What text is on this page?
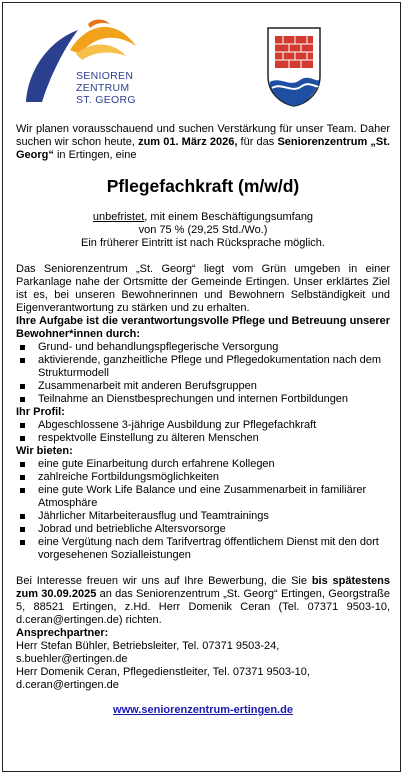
SENIOREN
ZENTRUM
ST. GEORG

Wir planen vorausschauend und suchen Verstärkung für unser Team. Daher suchen wir schon heute, zum 01. März 2026, für das Seniorenzentrum „St. Georg“ in Ertingen, eine

Pflegefachkraft (m/w/d)

unbefristet, mit einem Beschäftigungsumfang

von 75 % (29,25 Std./Wo.)

Ein früherer Eintritt ist nach Rücksprache möglich.

Das Seniorenzentrum „St. Georg“ liegt vom Grün umgeben in einer Parkanlage nahe der Ortsmitte der Gemeinde Ertingen. Unser erklärtes Ziel ist es, bei unseren Bewohnerinnen und Bewohnern Selbständigkeit und Eigenverantwortung zu stärken und zu erhalten.

Ihre Aufgabe ist die verantwortungsvolle Pflege und Betreuung unserer Bewohner*innen durch:

Grund- und behandlungspflegerische Versorgung
aktivierende, ganzheitliche Pflege und Pflegedokumentation nach dem Strukturmodell
Zusammenarbeit mit anderen Berufsgruppen
Teilnahme an Dienstbesprechungen und internen Fortbildungen

Ihr Profil:

Abgeschlossene 3-jährige Ausbildung zur Pflegefachkraft
respektvolle Einstellung zu älteren Menschen

Wir bieten:

eine gute Einarbeitung durch erfahrene Kollegen
zahlreiche Fortbildungsmöglichkeiten
eine gute Work Life Balance und eine Zusammenarbeit in familiärer Atmosphäre
Jährlicher Mitarbeiterausflug und Teamtrainings
Jobrad und betriebliche Altersvorsorge
eine Vergütung nach dem Tarifvertrag öffentlichem Dienst mit den dort vorgesehenen Sozialleistungen

Bei Interesse freuen wir uns auf Ihre Bewerbung, die Sie bis spätestens zum 30.09.2025 an das Seniorenzentrum „St. Georg“ Ertingen, Georgstraße 5, 88521 Ertingen, z.Hd. Herr Domenik Ceran (Tel. 07371 9503-10, d.ceran@ertingen.de) richten.

Ansprechpartner:

Herr Stefan Bühler, Betriebsleiter, Tel. 07371 9503-24,

s.buehler@ertingen.de

Herr Domenik Ceran, Pflegedienstleiter, Tel. 07371 9503-10,

d.ceran@ertingen.de

www.seniorenzentrum-ertingen.de
